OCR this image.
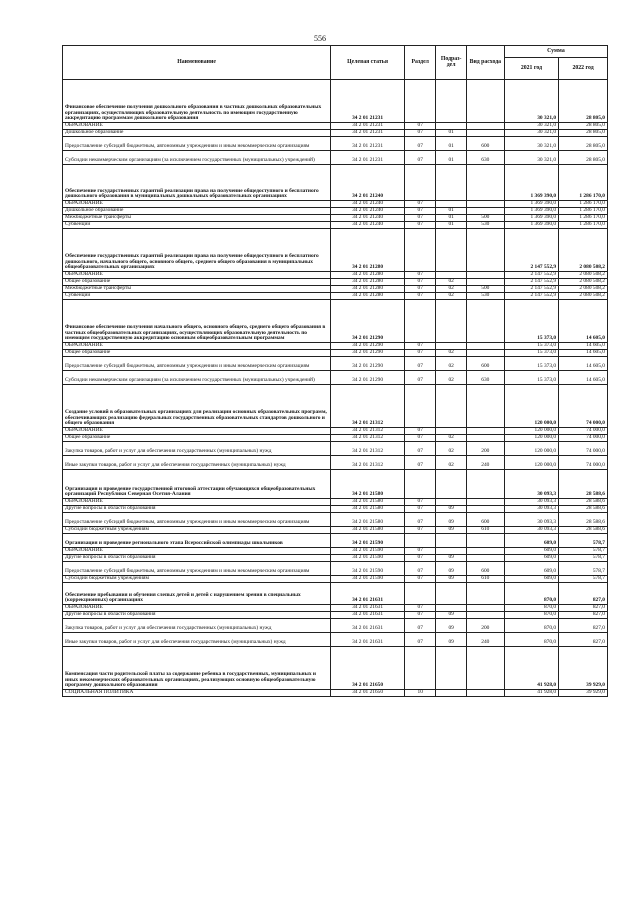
556
Наименование	Целевая статья	Раздел	Подраз-дел	Вид расхода	Сумма	
					2021 год	2022 год
Финансовое обеспечение получения дошкольного образования в частных дошкольных образовательных организациях, осуществляющих образовательную деятельность по имеющим государственную аккредитацию программам дошкольного образования	34 2 01 21231				30 321,0	28 805,0
ОБРАЗОВАНИЕ	34 2 01 21231	07			30 321,0	28 805,0
Дошкольное образование	34 2 01 21231	07	01		30 321,0	28 805,0
Предоставление субсидий бюджетным, автономным учреждениям и иным некоммерческим организациям	34 2 01 21231	07	01	600	30 321,0	28 805,0
Субсидии некоммерческим организациям (за исключением государственных (муниципальных) учреждений)	34 2 01 21231	07	01	630	30 321,0	28 805,0
Обеспечение государственных гарантий реализации права на получение общедоступного и бесплатного дошкольного образования в муниципальных дошкольных образовательных организациях	34 2 01 21240				1 369 390,0	1 286 170,0
ОБРАЗОВАНИЕ	34 2 01 21240	07			1 369 390,0	1 286 170,0
Дошкольное образование	34 2 01 21240	07	01		1 369 390,0	1 286 170,0
Межбюджетные трансферты	34 2 01 21240	07	01	500	1 369 390,0	1 286 170,0
Субвенции	34 2 01 21240	07	01	530	1 369 390,0	1 286 170,0
Обеспечение государственных гарантий реализации права на получение общедоступного и бесплатного дошкольного, начального общего, основного общего, среднего общего образования в муниципальных общеобразовательных организациях	34 2 01 21280				2 147 552,9	2 080 508,2
ОБРАЗОВАНИЕ	34 2 01 21280	07			2 147 552,9	2 080 508,2
Общее образование	34 2 01 21280	07	02		2 147 552,9	2 080 508,2
Межбюджетные трансферты	34 2 01 21280	07	02	500	2 147 552,9	2 080 508,2
Субвенции	34 2 01 21280	07	02	530	2 147 552,9	2 080 508,2
Финансовое обеспечение получения начального общего, основного общего, среднего общего образования в частных общеобразовательных организациях, осуществляющих образовательную деятельность по имеющим государственную аккредитацию основным общеобразовательным программам	34 2 01 21290				15 373,0	14 605,0
ОБРАЗОВАНИЕ	34 2 01 21290	07			15 373,0	14 605,0
Общее образование	34 2 01 21290	07	02		15 373,0	14 605,0
Предоставление субсидий бюджетным, автономным учреждениям и иным некоммерческим организациям	34 2 01 21290	07	02	600	15 373,0	14 605,0
Субсидии некоммерческим организациям (за исключением государственных (муниципальных) учреждений)	34 2 01 21290	07	02	630	15 373,0	14 605,0
Создание условий в образовательных организациях для реализации основных образовательных программ, обеспечивающих реализацию федеральных государственных образовательных стандартов дошкольного и общего образования	34 2 01 21312				120 000,0	74 000,0
ОБРАЗОВАНИЕ	34 2 01 21312	07			120 000,0	74 000,0
Общее образование	34 2 01 21312	07	02		120 000,0	74 000,0
Закупка товаров, работ и услуг для обеспечения государственных (муниципальных) нужд	34 2 01 21312	07	02	200	120 000,0	74 000,0
Иные закупки товаров, работ и услуг для обеспечения государственных (муниципальных) нужд	34 2 01 21312	07	02	240	120 000,0	74 000,0
Организация и проведение государственной итоговой аттестации обучающихся общеобразовательных организаций Республики Северная Осетия-Алания	34 2 01 21580				30 093,3	28 588,6
ОБРАЗОВАНИЕ	34 2 01 21580	07			30 093,3	28 588,6
Другие вопросы в области образования	34 2 01 21580	07	09		30 093,3	28 588,6
Предоставление субсидий бюджетным, автономным учреждениям и иным некоммерческим организациям	34 2 01 21580	07	09	600	30 093,3	28 588,6
Субсидии бюджетным учреждениям	34 2 01 21580	07	09	610	30 093,3	28 588,6
Организация и проведение регионального этапа Всероссийской олимпиады школьников	34 2 01 21590				609,0	578,7
ОБРАЗОВАНИЕ	34 2 01 21590	07			609,0	578,7
Другие вопросы в области образования	34 2 01 21590	07	09		609,0	578,7
Предоставление субсидий бюджетным, автономным учреждениям и иным некоммерческим организациям	34 2 01 21590	07	09	600	609,0	578,7
Субсидии бюджетным учреждениям	34 2 01 21590	07	09	610	609,0	578,7
Обеспечение пребывания и обучения слепых детей и детей с нарушением зрения в специальных (коррекционных) организациях	34 2 01 21631				870,0	827,0
ОБРАЗОВАНИЕ	34 2 01 21631	07			870,0	827,0
Другие вопросы в области образования	34 2 01 21631	07	09		870,0	827,0
Закупка товаров, работ и услуг для обеспечения государственных (муниципальных) нужд	34 2 01 21631	07	09	200	870,0	827,0
Иные закупки товаров, работ и услуг для обеспечения государственных (муниципальных) нужд	34 2 01 21631	07	09	240	870,0	827,0
Компенсация части родительской платы за содержание ребенка в государственных, муниципальных и иных некоммерческих образовательных организациях, реализующих основную общеобразовательную программу дошкольного образования	34 2 01 21650				41 928,0	39 929,0
СОЦИАЛЬНАЯ ПОЛИТИКА	34 2 01 21650	10			41 928,0	39 929,0
